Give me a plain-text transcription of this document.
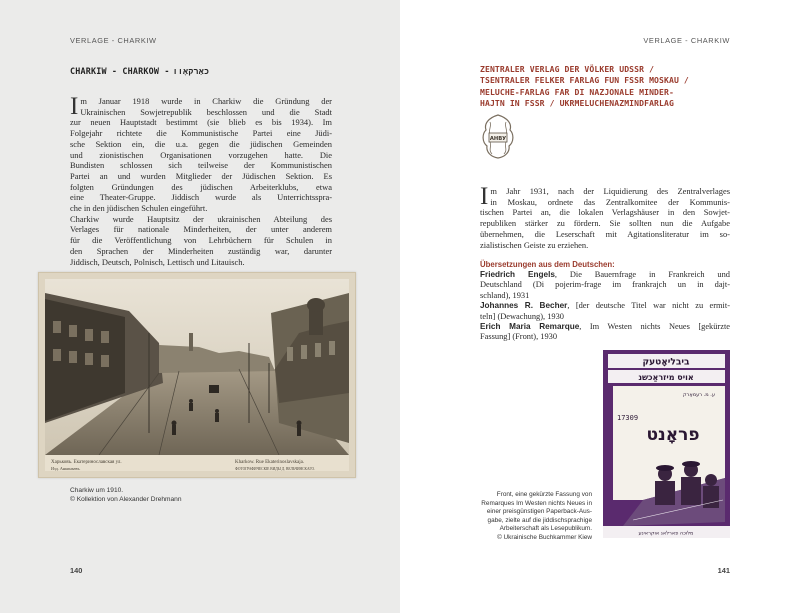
VERLAGE - CHARKIW
CHARKIW - CHARKOW - כאַרקאָוו
I m Januar 1918 wurde in Charkiw die Gründung der
Ukrainischen Sowjetrepublik beschlossen und die Stadt
zur neuen Hauptstadt bestimmt (sie blieb es bis 1934). Im
Folgejahr richtete die Kommunistische Partei eine Jüdi-
sche Sektion ein, die u.a. gegen die jüdischen Gemeinden
und zionistischen Organisationen vorzugehen hatte. Die
Bundisten schlossen sich teilweise der Kommunistischen
Partei an und wurden Mitglieder der Jüdischen Sektion. Es
folgten Gründungen des jüdischen Arbeiterklubs, etwa
eine Theater-Gruppe. Jiddisch wurde als Unterrichtsspra-
che in den jüdischen Schulen eingeführt.
Charkiw wurde Hauptsitz der ukrainischen Abteilung des
Verlages für nationale Minderheiten, der unter anderem
für die Veröffentlichung von Lehrbüchern für Schulen in
den Sprachen der Minderheiten zuständig war, darunter
Jiddisch, Deutsch, Polnisch, Lettisch und Litauisch.
Харьковъ. Екатеринославская ул.	Kharkow. Rue Ekaterinoslavskaja.
Изд. Анкиньевъ.	ФОТОГРАФИЧЕСКІЕ ВИДЫ Д. ВЕЛЬЧИНСКАГО.
Charkiw um 1910.
© Kollektion von Alexander Drehmann
140
VERLAGE - CHARKIW
141
ZENTRALER VERLAG DER VÖLKER UDSSR /
TSENTRALER FELKER FARLAG FUN FSSR MOSKAU /
MELUCHE-FARLAG FAR DI NAZJONALE MINDER-
HAJTN IN FSSR / UKRMELUCHENAZMINDFARLAG
АНВУ
I m Jahr 1931, nach der Liquidierung des Zentralverlages
in Moskau, ordnete das Zentralkomitee der Kommunis-
tischen Partei an, die lokalen Verlagshäuser in den Sowjet-
republiken stärker zu fördern. Sie sollten nun die Aufgabe
übernehmen, die Leserschaft mit Agitationsliteratur im so-
zialistischen Geiste zu erziehen.
Übersetzungen aus dem Deutschen:
Friedrich Engels, Die Bauernfrage in Frankreich und
Deutschland (Di pojerim-frage im frankrajch un in dajt-
schland), 1931
Johannes R. Becher, [der deutsche Titel war nicht zu ermit-
teln] (Dewachung), 1930
Erich Maria Remarque, Im Westen nichts Neues [gekürzte
Fassung] (Front), 1930
ביבליאָטעק
אויס מיזראַכשנ
ע. מ. רעמאַרק
17309
פראָנט
מלוכה פארלאג אוקראינע
Front, eine gekürzte Fassung von
Remarques Im Westen nichts Neues in
einer preisgünstigen Paperback-Aus-
gabe, zielte auf die jiddischsprachige
Arbeiterschaft als Lesepublikum.
© Ukrainische Buchkammer Kiew
